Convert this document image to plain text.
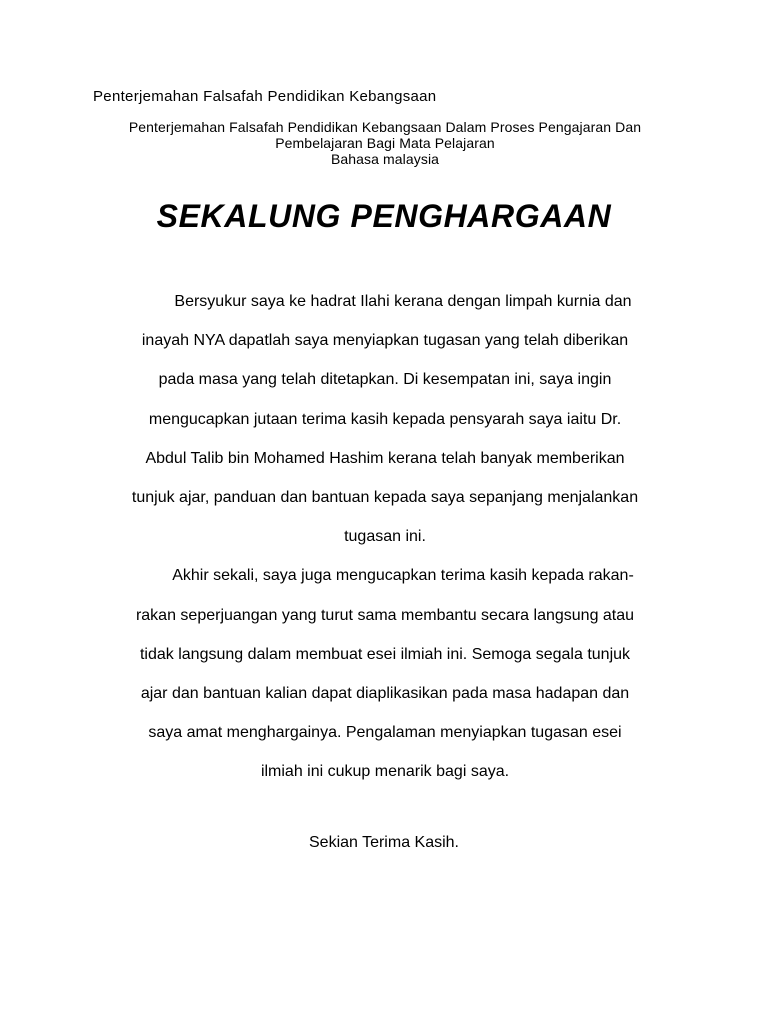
Penterjemahan Falsafah Pendidikan Kebangsaan
Penterjemahan Falsafah Pendidikan Kebangsaan Dalam Proses Pengajaran Dan
Pembelajaran Bagi Mata Pelajaran
Bahasa malaysia
SEKALUNG PENGHARGAAN
Bersyukur saya ke hadrat Ilahi kerana dengan limpah kurnia dan
inayah NYA dapatlah saya menyiapkan tugasan yang telah diberikan
pada masa yang telah ditetapkan. Di kesempatan ini, saya ingin
mengucapkan jutaan terima kasih kepada pensyarah saya iaitu Dr.
Abdul Talib bin Mohamed Hashim kerana telah banyak memberikan
tunjuk ajar, panduan dan bantuan kepada saya sepanjang menjalankan
tugasan ini.
Akhir sekali, saya juga mengucapkan terima kasih kepada rakan-
rakan seperjuangan yang turut sama membantu secara langsung atau
tidak langsung dalam membuat esei ilmiah ini. Semoga segala tunjuk
ajar dan bantuan kalian dapat diaplikasikan pada masa hadapan dan
saya amat menghargainya. Pengalaman menyiapkan tugasan esei
ilmiah ini cukup menarik bagi saya.
Sekian Terima Kasih.
